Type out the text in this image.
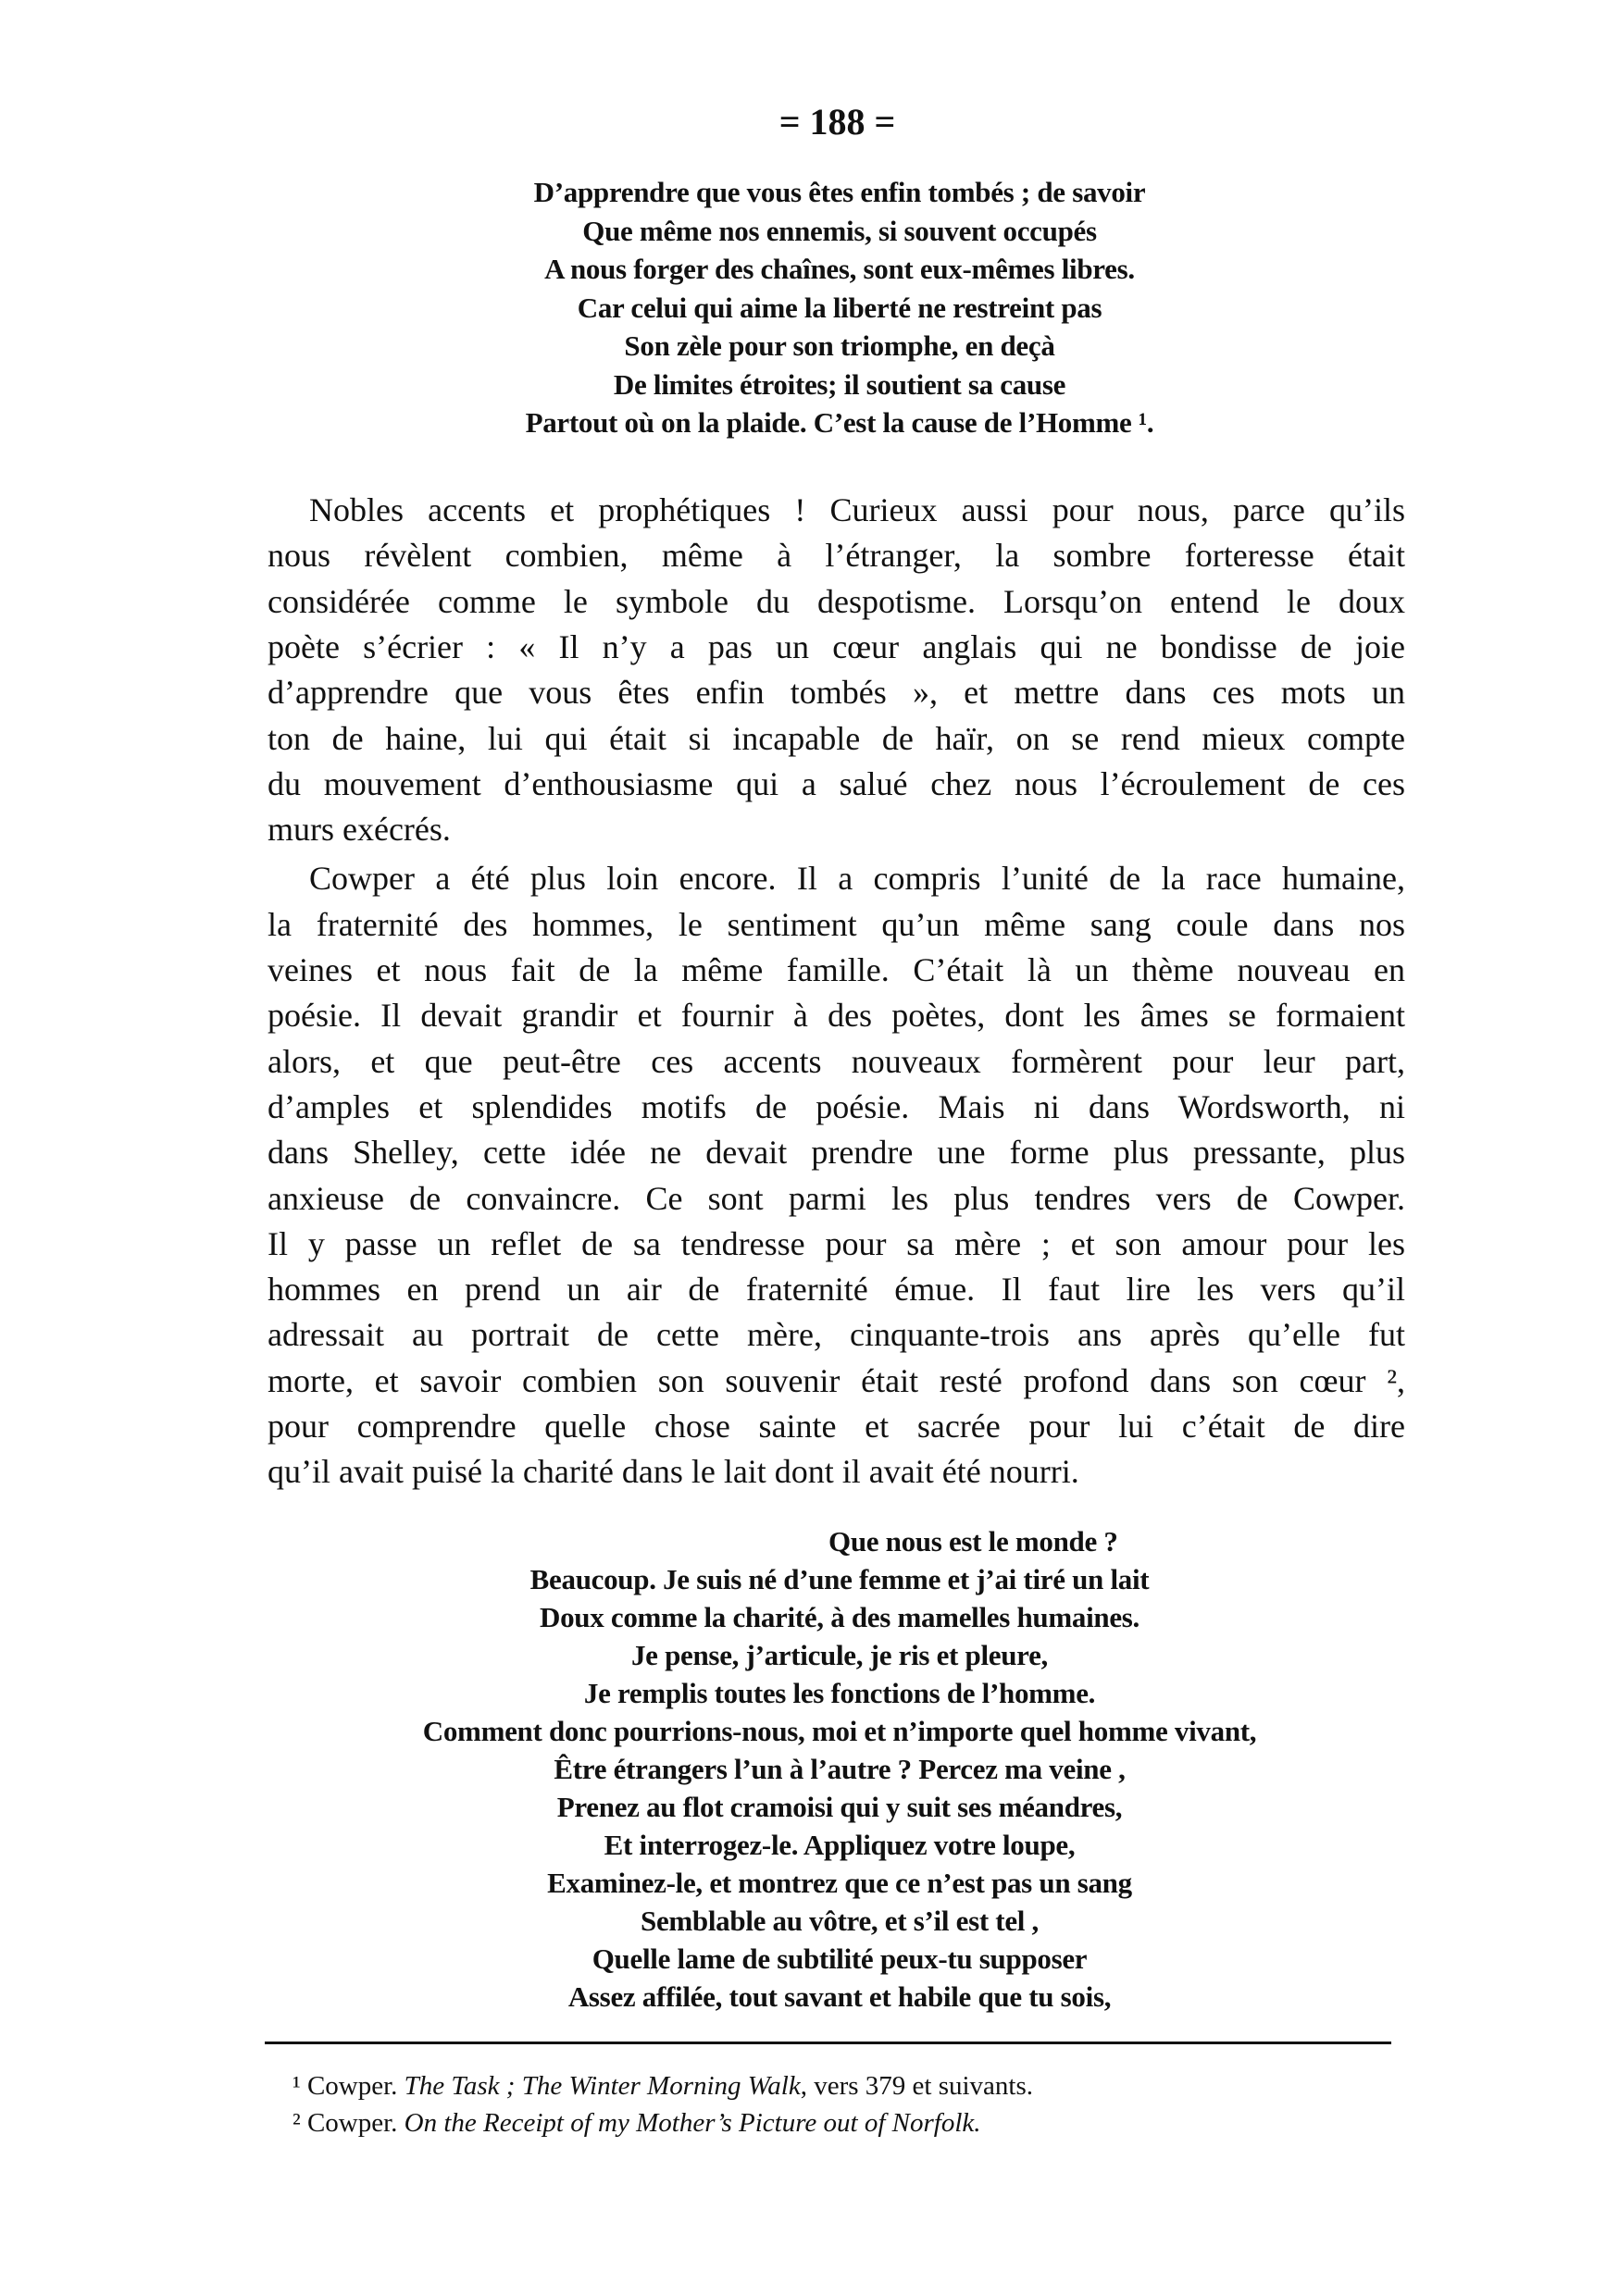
= 188 =
D’apprendre que vous êtes enfin tombés ; de savoir
Que même nos ennemis, si souvent occupés
A nous forger des chaînes, sont eux-mêmes libres.
Car celui qui aime la liberté ne restreint pas
Son zèle pour son triomphe, en deçà
De limites étroites; il soutient sa cause
Partout où on la plaide. C’est la cause de l’Homme ¹.
Nobles accents et prophétiques ! Curieux aussi pour nous, parce qu’ils
nous révèlent combien, même à l’étranger, la sombre forteresse était
considérée comme le symbole du despotisme. Lorsqu’on entend le doux
poète s’écrier : « Il n’y a pas un cœur anglais qui ne bondisse de joie
d’apprendre que vous êtes enfin tombés », et mettre dans ces mots un
ton de haine, lui qui était si incapable de haïr, on se rend mieux compte
du mouvement d’enthousiasme qui a salué chez nous l’écroulement de ces
murs exécrés.
Cowper a été plus loin encore. Il a compris l’unité de la race humaine,
la fraternité des hommes, le sentiment qu’un même sang coule dans nos
veines et nous fait de la même famille. C’était là un thème nouveau en
poésie. Il devait grandir et fournir à des poètes, dont les âmes se formaient
alors, et que peut-être ces accents nouveaux formèrent pour leur part,
d’amples et splendides motifs de poésie. Mais ni dans Wordsworth, ni
dans Shelley, cette idée ne devait prendre une forme plus pressante, plus
anxieuse de convaincre. Ce sont parmi les plus tendres vers de Cowper.
Il y passe un reflet de sa tendresse pour sa mère ; et son amour pour les
hommes en prend un air de fraternité émue. Il faut lire les vers qu’il
adressait au portrait de cette mère, cinquante-trois ans après qu’elle fut
morte, et savoir combien son souvenir était resté profond dans son cœur ²,
pour comprendre quelle chose sainte et sacrée pour lui c’était de dire
qu’il avait puisé la charité dans le lait dont il avait été nourri.
Que nous est le monde ?
Beaucoup. Je suis né d’une femme et j’ai tiré un lait
Doux comme la charité, à des mamelles humaines.
Je pense, j’articule, je ris et pleure,
Je remplis toutes les fonctions de l’homme.
Comment donc pourrions-nous, moi et n’importe quel homme vivant,
Être étrangers l’un à l’autre ? Percez ma veine ,
Prenez au flot cramoisi qui y suit ses méandres,
Et interrogez-le. Appliquez votre loupe,
Examinez-le, et montrez que ce n’est pas un sang
Semblable au vôtre, et s’il est tel ,
Quelle lame de subtilité peux-tu supposer
Assez affilée, tout savant et habile que tu sois,
¹ Cowper. The Task ; The Winter Morning Walk, vers 379 et suivants.
² Cowper. On the Receipt of my Mother’s Picture out of Norfolk.
